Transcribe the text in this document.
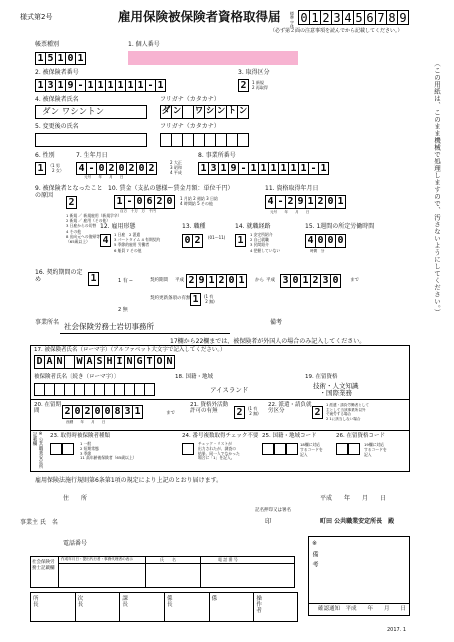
様式第2号	雇用保険被保険者資格取得届 標準字体
0 1 2 3 4 5 6 7 8 9
（必ず第２面の注意事項を読んでから記載してください。）
（この用紙は、このまま機械で処理しますので、汚さないようにしてください。）
帳票種別
1 5 1 0 1
1. 個人番号
2. 被保険者番号
1 3 1 9 - 1 1 1 1 1 1 - 1
3. 取得区分
2	1 新規
2 再取得
4. 被保険者氏名
ダン ワシントン
フリガナ（カタカナ）
ダ ン ワ シ ン ト ン
5. 変更後の氏名	フリガナ（カタカナ）
6. 性別
1	（1 男
　2 女）
7. 生年月日
4 - 0 2 0 2 0 2
2 大正
3 昭和
4 平成
元号　　年　　月　　日
8. 事業所番号
1 3 1 9 - 1 1 1 1 1 1 - 1
9. 被保険者となったことの原因
2
10. 賃金（支払の態様ー賃金月額：単位千円）
1 - 0 6 2 0	1 月給 2 週給 3 日給
4 時間給 5 その他
百万　十万　万　千円
11. 資格取得年月日
4 - 2 9 1 2 0 1
元号　　年　　月　　日
1 新規 ／ 新規雇用（新規学卒）
2 新規 ／ 雇用（その他）
3 日雇からの切替
4 その他
8 出向元への復帰等
（65歳以上）
12. 雇用形態
4
1 日雇　2 派遣
3 パートタイム 4 有期契約
5 季節的雇用 労働者
6 船員 7 その他
13. 職種
0 2	(01〜11)
14. 就職経路
1
1 安定所紹介
2 自己就職
3 民間紹介
4 把握していない
15. 1週間の所定労働時間
4 0 0 0
時間　分
16. 契約期間の定め	1	1 有 ─	契約期間 平成 2 9 1 2 0 1	から 平成 3 0 1 2 3 0	まで
契約更新条項の有無 1	(1 有
2 無)
2 無
事業所名 社会保険労務士岩切事務所	備考
17欄から22欄までは、被保険者が外国人の場合のみ記入してください。
17. 被保険者氏名（ローマ字）（アルファベット大文字で記入してください。）
D A N W A S H I N G T O N
被保険者氏名〔続き（ローマ字）〕	18. 国籍・地域
アイスランド
19. 在留資格
技術・人文知識
・国際業務
20. 在留期間	2 0 2 0 0 8 3 1	まで
西暦　　年　　月　　日
21. 資格外活動許可の有無	2	(1 有
2 無)
22. 派遣・請負就労区分	2
1 派遣・請負労働者として
主として当該事業所以外
で就労する場合
2 1に該当しない場合
※公共職業安定所記載欄	23. 取得時被保険者種類
1 一般
2 短期常態
3 季節
11 高年齢被保険者（65歳以上）
24. 番号複数取得チェック不要
チェック・リストが
出力されたが、調査の
結果、同一人でなかった
場合に「1」を記入。
25. 国籍・地域コード
18欄に対応
するコードを
記入
26. 在留資格コード
19欄に対応
するコードを
記入
雇用保険法施行規則第6条第1項の規定により上記のとおり届けます。
住　　所	平成　　年　　月　　日
記名押印又は署名
事業主 氏　名	印	町田 公共職業安定所長　殿
電話番号
社会保険労務士記載欄
作成年月日・提出代行者・事務代理者の表示	氏　　名	電 話 番 号	※備考
確認通知　平成　　年　　月　　日
所長
次長
課長
係長
係	操作者
2017. 1
